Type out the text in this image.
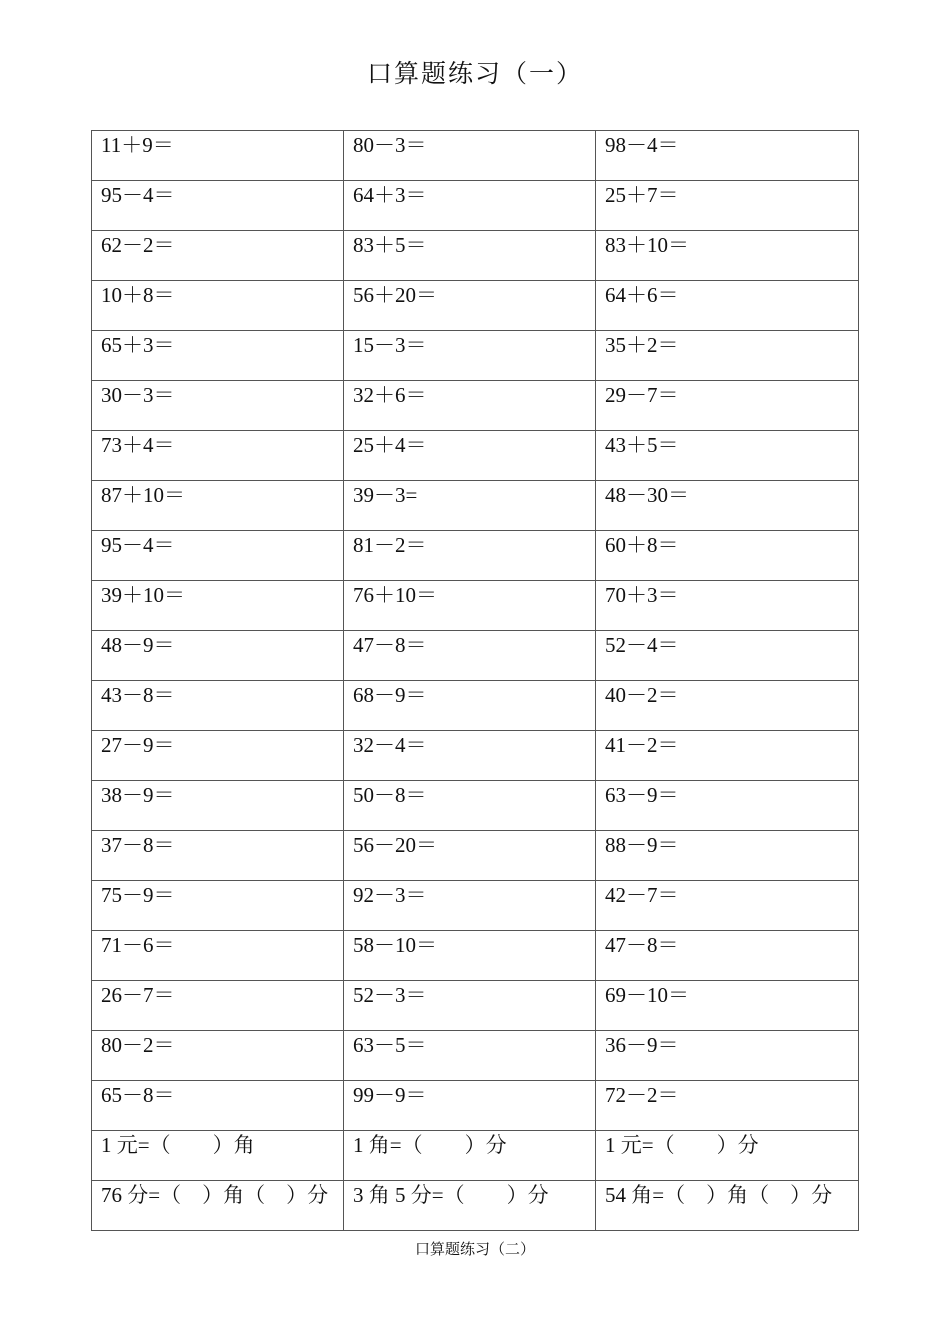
口算题练习（一）
11＋9＝	80－3＝	98－4＝
95－4＝	64＋3＝	25＋7＝
62－2＝	83＋5＝	83＋10＝
10＋8＝	56＋20＝	64＋6＝
65＋3＝	15－3＝	35＋2＝
30－3＝	32＋6＝	29－7＝
73＋4＝	25＋4＝	43＋5＝
87＋10＝	39－3=	48－30＝
95－4＝	81－2＝	60＋8＝
39＋10＝	76＋10＝	70＋3＝
48－9＝	47－8＝	52－4＝
43－8＝	68－9＝	40－2＝
27－9＝	32－4＝	41－2＝
38－9＝	50－8＝	63－9＝
37－8＝	56－20＝	88－9＝
75－9＝	92－3＝	42－7＝
71－6＝	58－10＝	47－8＝
26－7＝	52－3＝	69－10＝
80－2＝	63－5＝	36－9＝
65－8＝	99－9＝	72－2＝
1 元=（　　）角	1 角=（　　）分	1 元=（　　）分
76 分=（　）角（　）分	3 角 5 分=（　　）分	54 角=（　）角（　）分
口算题练习（二）
